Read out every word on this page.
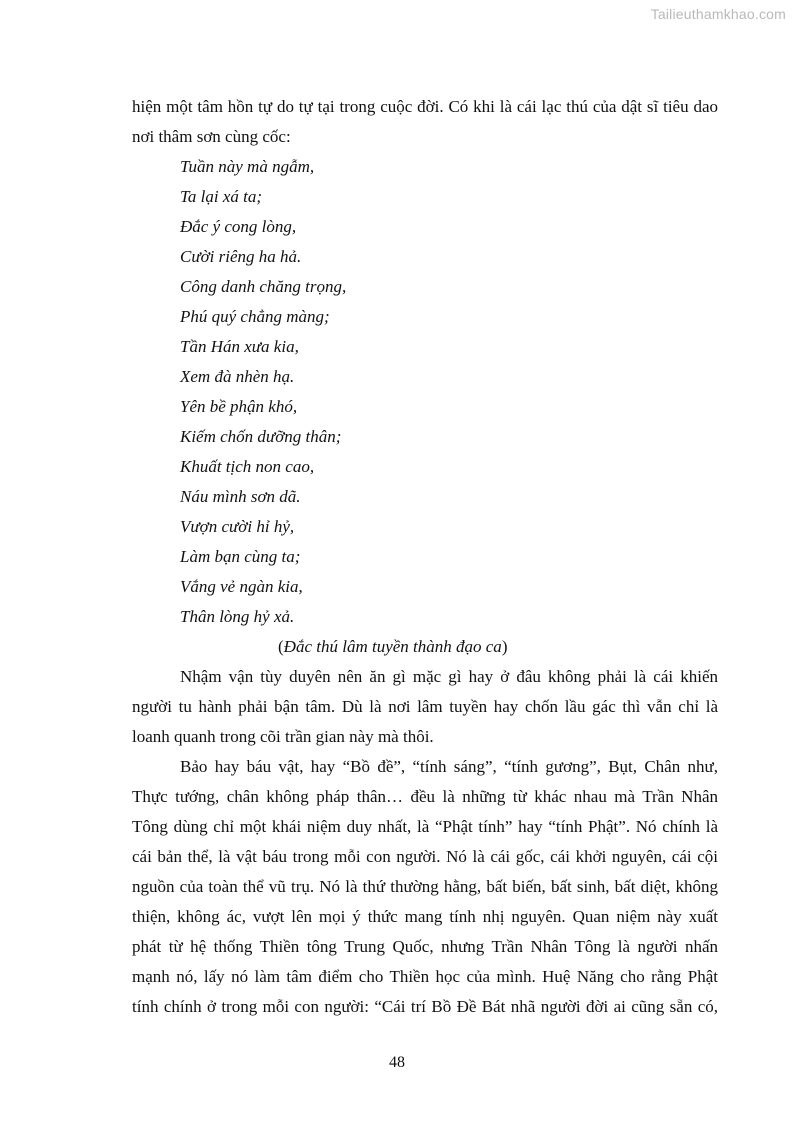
Tailieuthamkhao.com
hiện một tâm hồn tự do tự tại trong cuộc đời. Có khi là cái lạc thú của dật sĩ tiêu dao
nơi thâm sơn cùng cốc:
Tuần này mà ngẫm,
Ta lại xá ta;
Đắc ý cong lòng,
Cười riêng ha hả.
Công danh chăng trọng,
Phú quý chẳng màng;
Tần Hán xưa kia,
Xem đà nhèn hạ.
Yên bề phận khó,
Kiếm chốn dưỡng thân;
Khuất tịch non cao,
Náu mình sơn dã.
Vượn cười hỉ hỷ,
Làm bạn cùng ta;
Vắng vẻ ngàn kia,
Thân lòng hỷ xả.
(Đắc thú lâm tuyền thành đạo ca)
Nhậm vận tùy duyên nên ăn gì mặc gì hay ở đâu không phải là cái khiến
người tu hành phải bận tâm. Dù là nơi lâm tuyền hay chốn lầu gác thì vẫn chỉ là
loanh quanh trong cõi trần gian này mà thôi.
Bảo hay báu vật, hay “Bồ đề”, “tính sáng”, “tính gương”, Bụt, Chân như,
Thực tướng, chân không pháp thân… đều là những từ khác nhau mà Trần Nhân
Tông dùng chỉ một khái niệm duy nhất, là “Phật tính” hay “tính Phật”. Nó chính là
cái bản thể, là vật báu trong mỗi con người. Nó là cái gốc, cái khởi nguyên, cái cội
nguồn của toàn thể vũ trụ. Nó là thứ thường hằng, bất biến, bất sinh, bất diệt, không
thiện, không ác, vượt lên mọi ý thức mang tính nhị nguyên. Quan niệm này xuất
phát từ hệ thống Thiền tông Trung Quốc, nhưng Trần Nhân Tông là người nhấn
mạnh nó, lấy nó làm tâm điểm cho Thiền học của mình. Huệ Năng cho rằng Phật
tính chính ở trong mỗi con người: “Cái trí Bồ Đề Bát nhã người đời ai cũng sẵn có,
48
